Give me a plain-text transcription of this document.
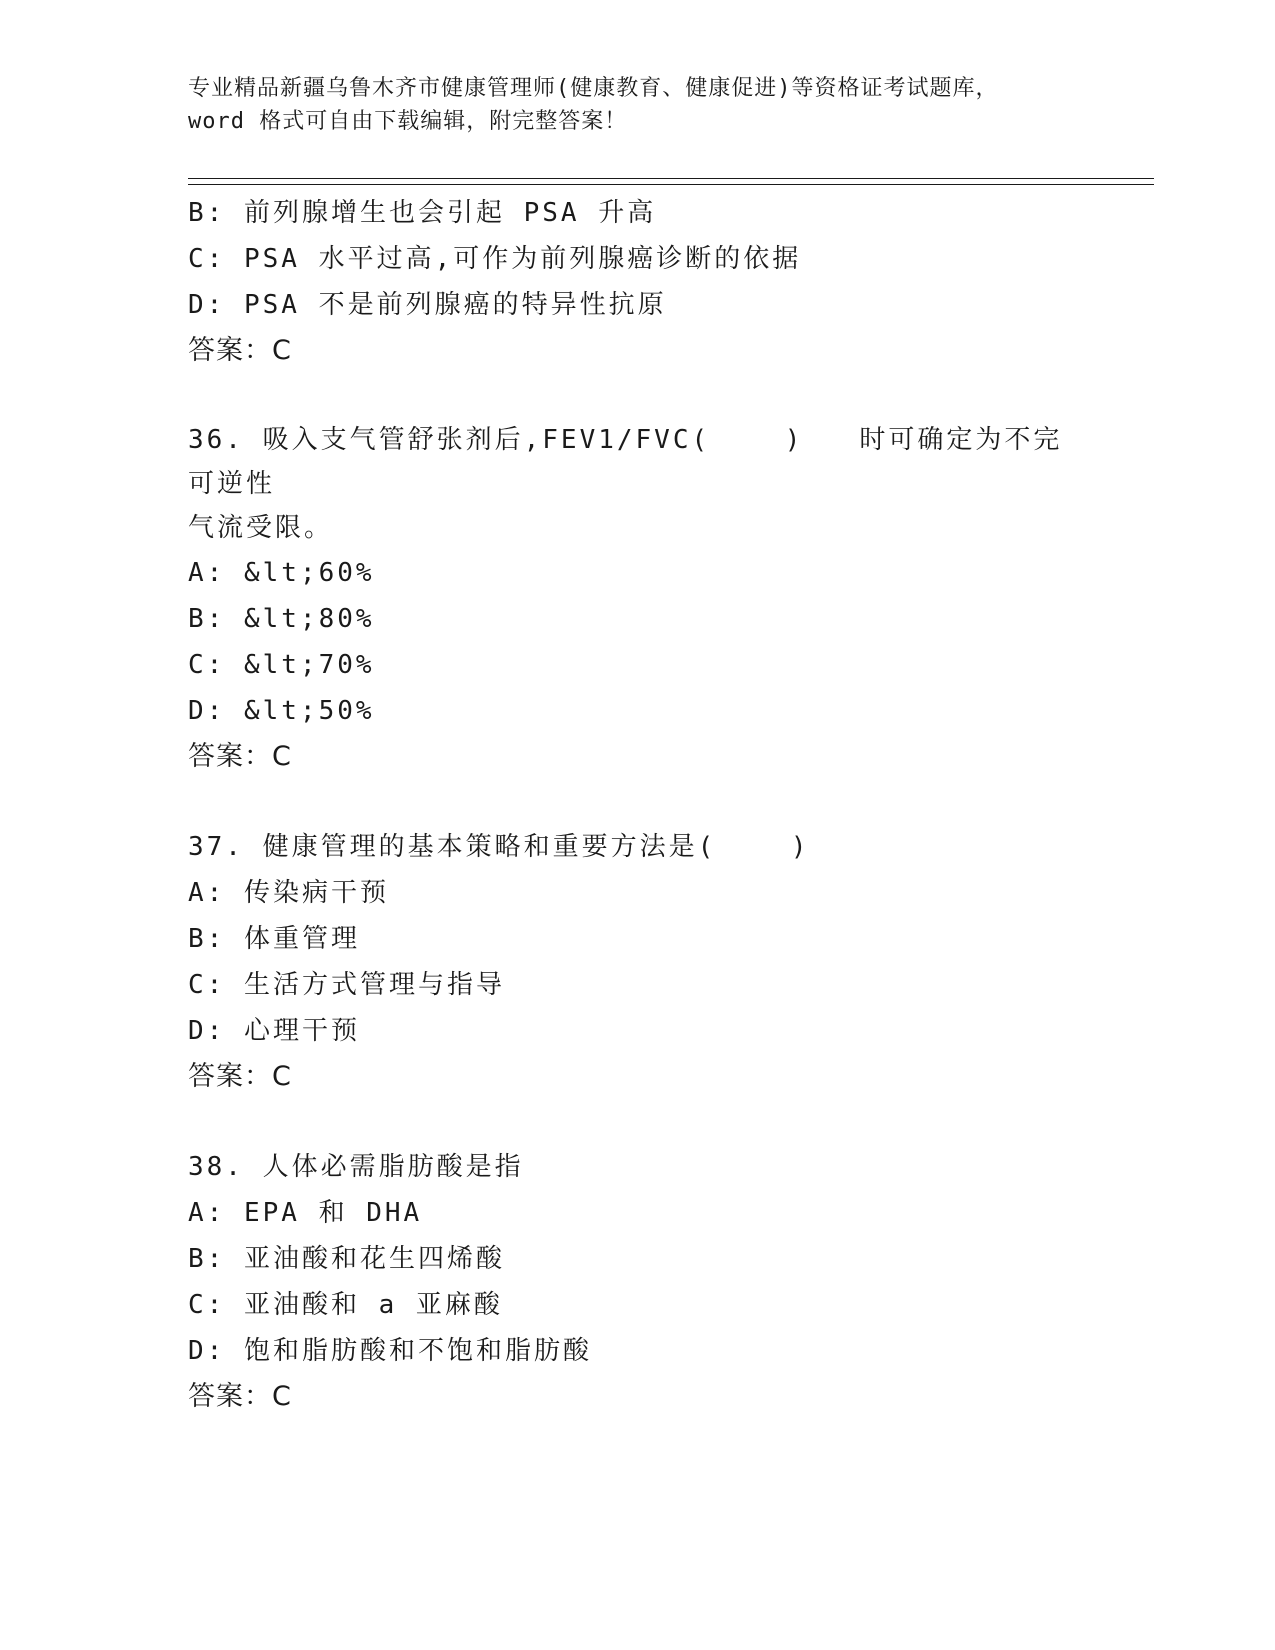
专业精品新疆乌鲁木齐市健康管理师(健康教育、健康促进)等资格证考试题库，
word 格式可自由下载编辑，附完整答案！
B: 前列腺增生也会引起 PSA 升高
C: PSA 水平过高,可作为前列腺癌诊断的依据
D: PSA 不是前列腺癌的特异性抗原
答案：C
36. 吸入支气管舒张剂后,FEV1/FVC(    )   时可确定为不完可逆性
气流受限。
A: &lt;60%
B: &lt;80%
C: &lt;70%
D: &lt;50%
答案：C
37. 健康管理的基本策略和重要方法是(    )
A: 传染病干预
B: 体重管理
C: 生活方式管理与指导
D: 心理干预
答案：C
38. 人体必需脂肪酸是指
A: EPA 和 DHA
B: 亚油酸和花生四烯酸
C: 亚油酸和 a 亚麻酸
D: 饱和脂肪酸和不饱和脂肪酸
答案：C
